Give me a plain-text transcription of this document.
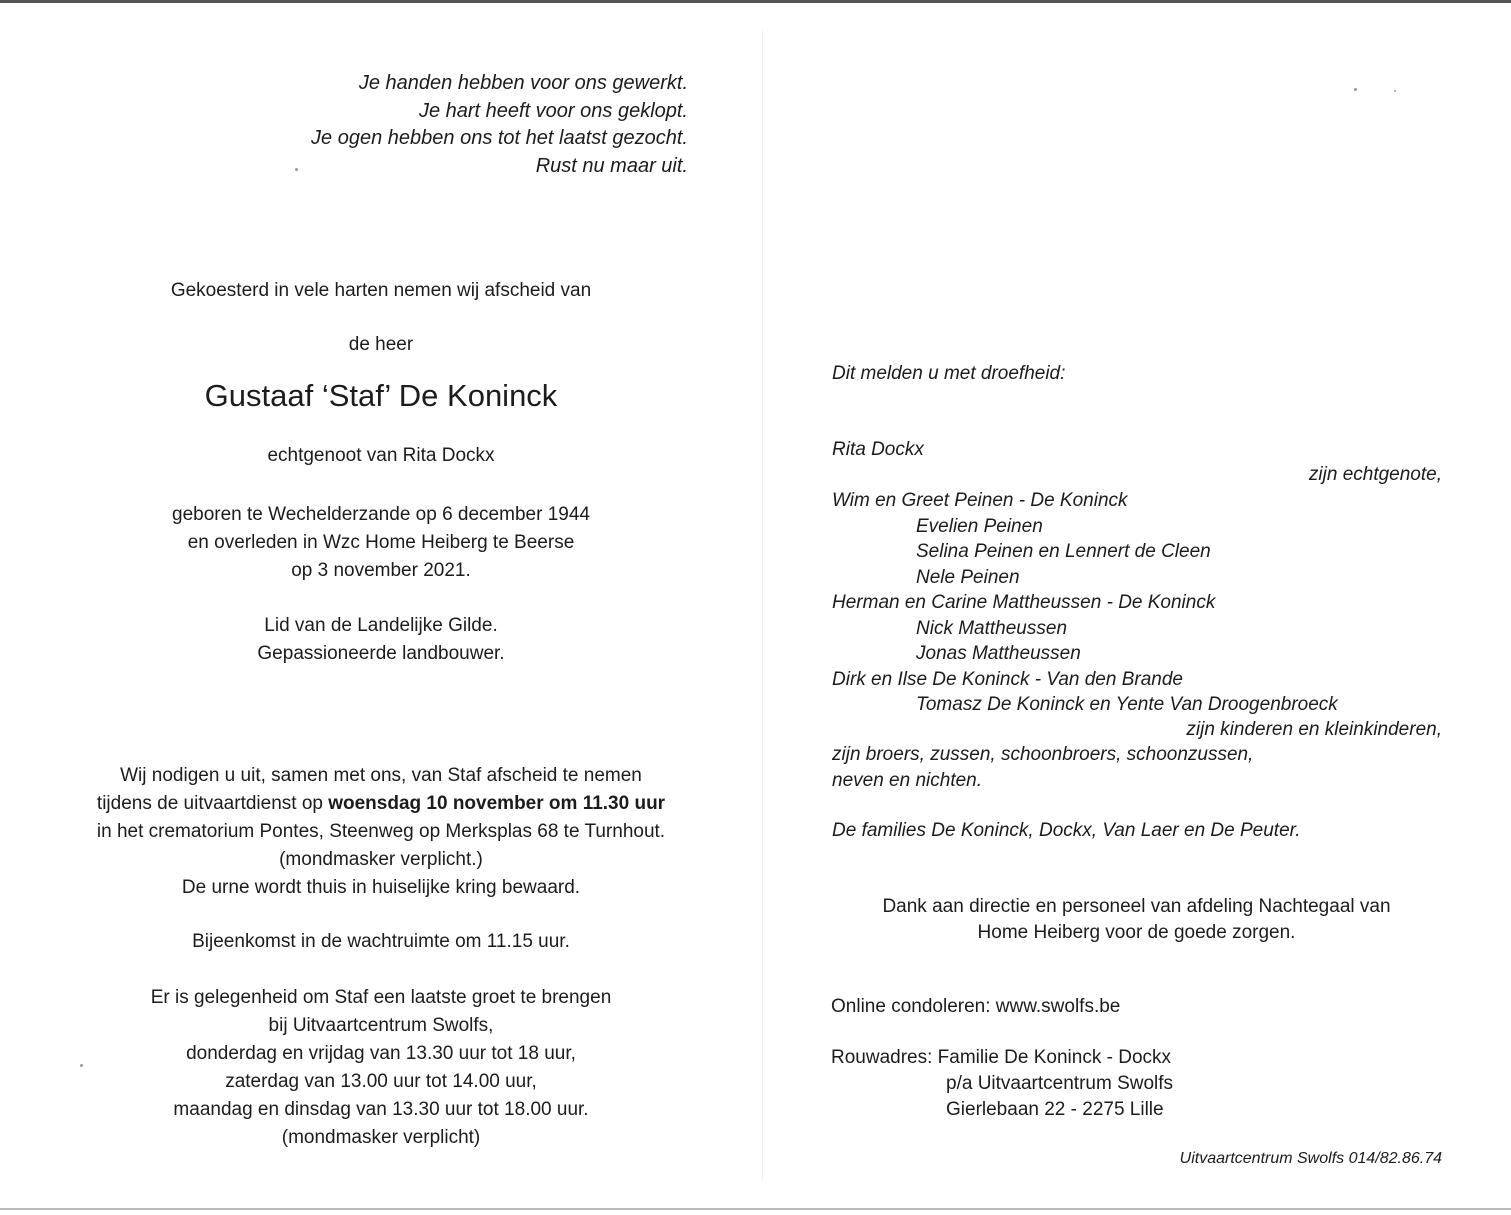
Je handen hebben voor ons gewerkt.
Je hart heeft voor ons geklopt.
Je ogen hebben ons tot het laatst gezocht.
Rust nu maar uit.
Gekoesterd in vele harten nemen wij afscheid van
de heer
Gustaaf ‘Staf’ De Koninck
echtgenoot van Rita Dockx
geboren te Wechelderzande op 6 december 1944
en overleden in Wzc Home Heiberg te Beerse
op 3 november 2021.
Lid van de Landelijke Gilde.
Gepassioneerde landbouwer.
Wij nodigen u uit, samen met ons, van Staf afscheid te nemen
tijdens de uitvaartdienst op woensdag 10 november om 11.30 uur
in het crematorium Pontes, Steenweg op Merksplas 68 te Turnhout.
(mondmasker verplicht.)
De urne wordt thuis in huiselijke kring bewaard.
Bijeenkomst in de wachtruimte om 11.15 uur.
Er is gelegenheid om Staf een laatste groet te brengen
bij Uitvaartcentrum Swolfs,
donderdag en vrijdag van 13.30 uur tot 18 uur,
zaterdag van 13.00 uur tot 14.00 uur,
maandag en dinsdag van 13.30 uur tot 18.00 uur.
(mondmasker verplicht)
Dit melden u met droefheid:
Rita Dockx
zijn echtgenote,
Wim en Greet Peinen - De Koninck
Evelien Peinen
Selina Peinen en Lennert de Cleen
Nele Peinen
Herman en Carine Mattheussen - De Koninck
Nick Mattheussen
Jonas Mattheussen
Dirk en Ilse De Koninck - Van den Brande
Tomasz De Koninck en Yente Van Droogenbroeck
zijn kinderen en kleinkinderen,
zijn broers, zussen, schoonbroers, schoonzussen,
neven en nichten.
De families De Koninck, Dockx, Van Laer en De Peuter.
Dank aan directie en personeel van afdeling Nachtegaal van
Home Heiberg voor de goede zorgen.
Online condoleren: www.swolfs.be
Rouwadres: Familie De Koninck - Dockx
p/a Uitvaartcentrum Swolfs
Gierlebaan 22 - 2275 Lille
Uitvaartcentrum Swolfs 014/82.86.74
